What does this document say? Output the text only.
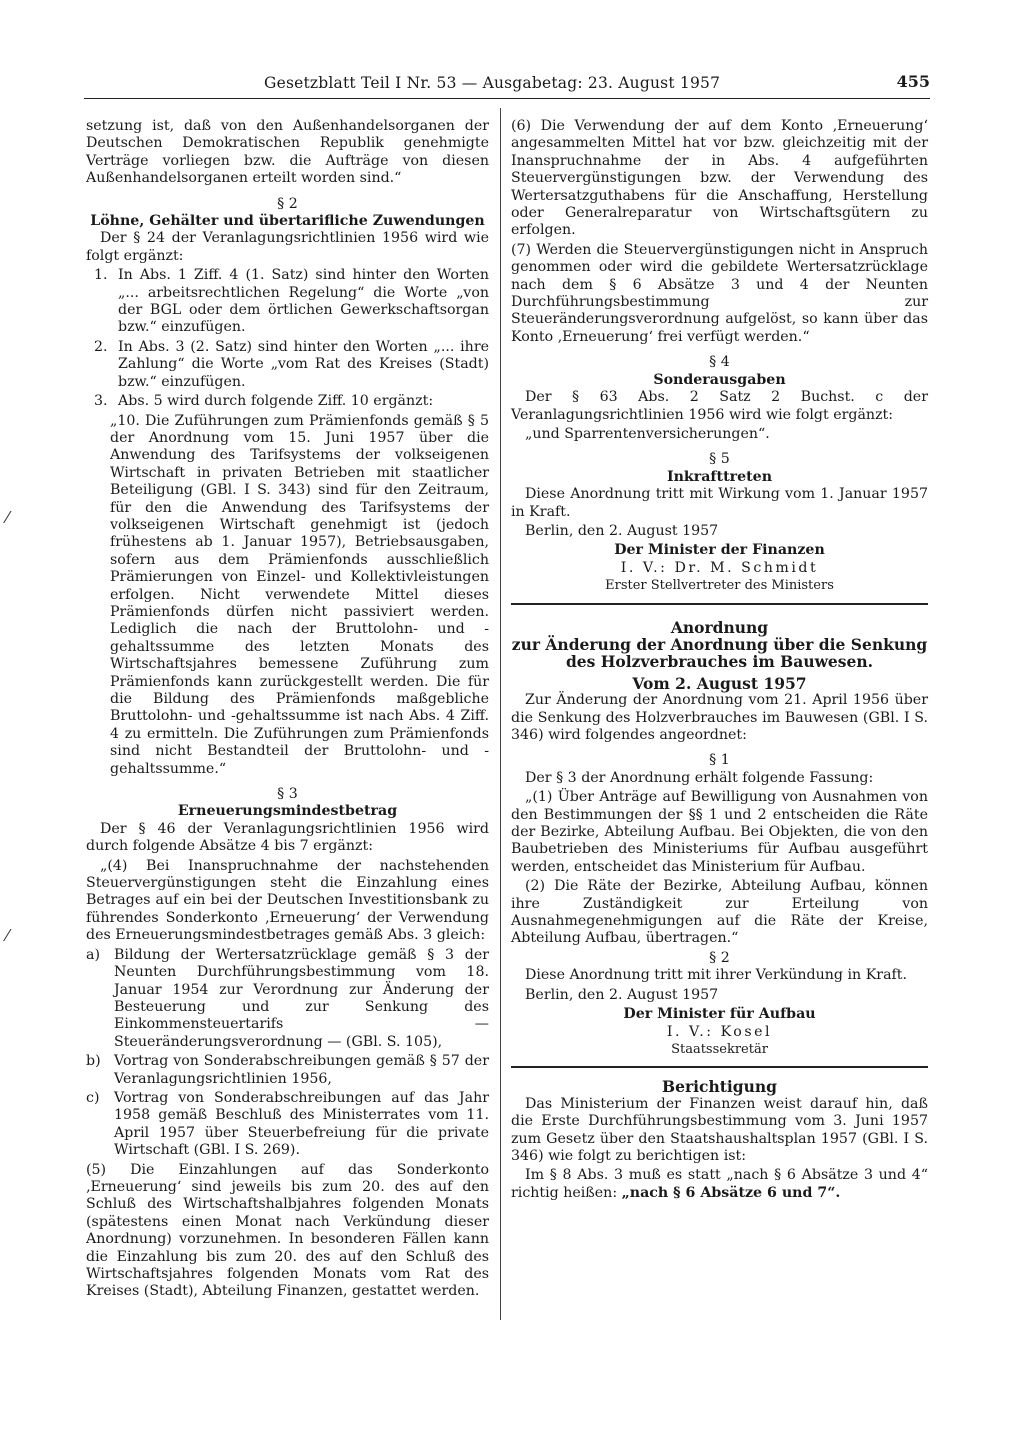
Gesetzblatt Teil I Nr. 53 — Ausgabetag: 23. August 1957	455

setzung ist, daß von den Außenhandelsorganen der Deutschen Demokratischen Republik genehmigte Verträge vorliegen bzw. die Aufträge von diesen Außenhandelsorganen erteilt worden sind.“

§ 2

Löhne, Gehälter und übertarifliche Zuwendungen

Der § 24 der Veranlagungsrichtlinien 1956 wird wie folgt ergänzt:

1. In Abs. 1 Ziff. 4 (1. Satz) sind hinter den Worten „... arbeitsrechtlichen Regelung“ die Worte „von der BGL oder dem örtlichen Gewerkschaftsorgan bzw.“ einzufügen.
2. In Abs. 3 (2. Satz) sind hinter den Worten „... ihre Zahlung“ die Worte „vom Rat des Kreises (Stadt) bzw.“ einzufügen.
3. Abs. 5 wird durch folgende Ziff. 10 ergänzt:

„10. Die Zuführungen zum Prämienfonds gemäß § 5 der Anordnung vom 15. Juni 1957 über die Anwendung des Tarifsystems der volkseigenen Wirtschaft in privaten Betrieben mit staatlicher Beteiligung (GBl. I S. 343) sind für den Zeitraum, für den die Anwendung des Tarifsystems der volkseigenen Wirtschaft genehmigt ist (jedoch frühestens ab 1. Januar 1957), Betriebsausgaben, sofern aus dem Prämienfonds ausschließlich Prämierungen von Einzel- und Kollektivleistungen erfolgen. Nicht verwendete Mittel dieses Prämienfonds dürfen nicht passiviert werden. Lediglich die nach der Bruttolohn- und -gehaltssumme des letzten Monats des Wirtschaftsjahres bemessene Zuführung zum Prämienfonds kann zurückgestellt werden. Die für die Bildung des Prämienfonds maßgebliche Bruttolohn- und -gehaltssumme ist nach Abs. 4 Ziff. 4 zu ermitteln. Die Zuführungen zum Prämienfonds sind nicht Bestandteil der Bruttolohn- und -gehaltssumme.“

§ 3

Erneuerungsmindestbetrag

Der § 46 der Veranlagungsrichtlinien 1956 wird durch folgende Absätze 4 bis 7 ergänzt:

„(4) Bei Inanspruchnahme der nachstehenden Steuervergünstigungen steht die Einzahlung eines Betrages auf ein bei der Deutschen Investitionsbank zu führendes Sonderkonto ‚Erneuerung‘ der Verwendung des Erneuerungsmindestbetrages gemäß Abs. 3 gleich:

a) Bildung der Wertersatzrücklage gemäß § 3 der Neunten Durchführungsbestimmung vom 18. Januar 1954 zur Verordnung zur Änderung der Besteuerung und zur Senkung des Einkommensteuertarifs — Steueränderungsverordnung — (GBl. S. 105),
b) Vortrag von Sonderabschreibungen gemäß § 57 der Veranlagungsrichtlinien 1956,
c) Vortrag von Sonderabschreibungen auf das Jahr 1958 gemäß Beschluß des Ministerrates vom 11. April 1957 über Steuerbefreiung für die private Wirtschaft (GBl. I S. 269).

(5) Die Einzahlungen auf das Sonderkonto ‚Erneuerung‘ sind jeweils bis zum 20. des auf den Schluß des Wirtschaftshalbjahres folgenden Monats (spätestens einen Monat nach Verkündung dieser Anordnung) vorzunehmen. In besonderen Fällen kann die Einzahlung bis zum 20. des auf den Schluß des Wirtschaftsjahres folgenden Monats vom Rat des Kreises (Stadt), Abteilung Finanzen, gestattet werden.

(6) Die Verwendung der auf dem Konto ‚Erneuerung‘ angesammelten Mittel hat vor bzw. gleichzeitig mit der Inanspruchnahme der in Abs. 4 aufgeführten Steuervergünstigungen bzw. der Verwendung des Wertersatzguthabens für die Anschaffung, Herstellung oder Generalreparatur von Wirtschaftsgütern zu erfolgen.

(7) Werden die Steuervergünstigungen nicht in Anspruch genommen oder wird die gebildete Wertersatzrücklage nach dem § 6 Absätze 3 und 4 der Neunten Durchführungsbestimmung zur Steueränderungsverordnung aufgelöst, so kann über das Konto ‚Erneuerung‘ frei verfügt werden.“

§ 4

Sonderausgaben

Der § 63 Abs. 2 Satz 2 Buchst. c der Veranlagungsrichtlinien 1956 wird wie folgt ergänzt:

„und Sparrentenversicherungen“.

§ 5

Inkrafttreten

Diese Anordnung tritt mit Wirkung vom 1. Januar 1957 in Kraft.

Berlin, den 2. August 1957

Der Minister der Finanzen

I. V.: Dr. M. Schmidt

Erster Stellvertreter des Ministers

Anordnung

zur Änderung der Anordnung über die Senkung des Holzverbrauches im Bauwesen.

Vom 2. August 1957

Zur Änderung der Anordnung vom 21. April 1956 über die Senkung des Holzverbrauches im Bauwesen (GBl. I S. 346) wird folgendes angeordnet:

§ 1

Der § 3 der Anordnung erhält folgende Fassung:

„(1) Über Anträge auf Bewilligung von Ausnahmen von den Bestimmungen der §§ 1 und 2 entscheiden die Räte der Bezirke, Abteilung Aufbau. Bei Objekten, die von den Baubetrieben des Ministeriums für Aufbau ausgeführt werden, entscheidet das Ministerium für Aufbau.

(2) Die Räte der Bezirke, Abteilung Aufbau, können ihre Zuständigkeit zur Erteilung von Ausnahmegenehmigungen auf die Räte der Kreise, Abteilung Aufbau, übertragen.“

§ 2

Diese Anordnung tritt mit ihrer Verkündung in Kraft.

Berlin, den 2. August 1957

Der Minister für Aufbau

I. V.: Kosel

Staatssekretär

Berichtigung

Das Ministerium der Finanzen weist darauf hin, daß die Erste Durchführungsbestimmung vom 3. Juni 1957 zum Gesetz über den Staatshaushaltsplan 1957 (GBl. I S. 346) wie folgt zu berichtigen ist:

Im § 8 Abs. 3 muß es statt „nach § 6 Absätze 3 und 4“ richtig heißen: „nach § 6 Absätze 6 und 7“.

⁄
⁄
